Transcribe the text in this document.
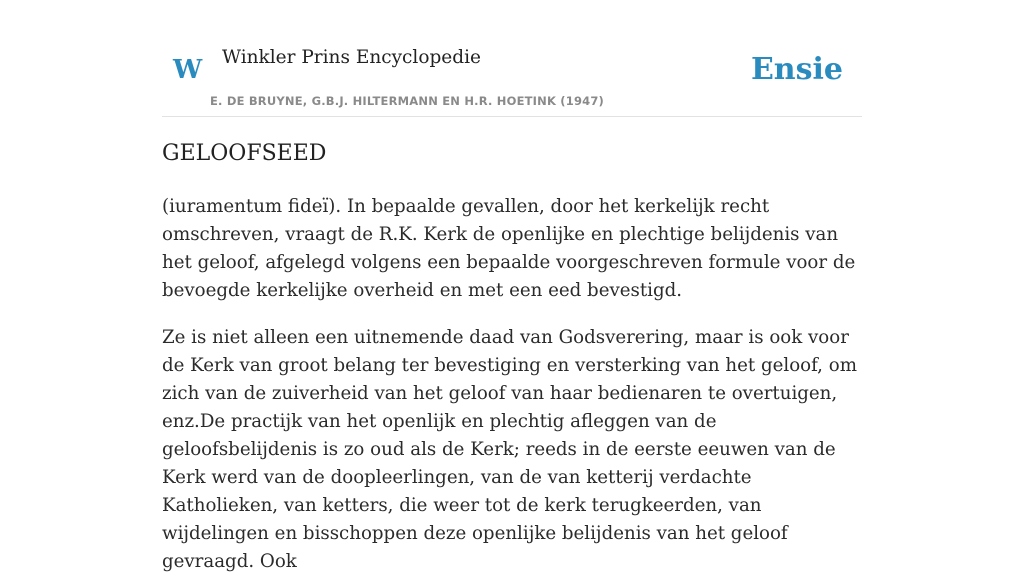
W Winkler Prins Encyclopedie
E. DE BRUYNE, G.B.J. HILTERMANN EN H.R. HOETINK (1947)
Ensie
GELOOFSEED

(iuramentum fideï). In bepaalde gevallen, door het kerkelijk recht omschreven, vraagt de R.K. Kerk de openlijke en plechtige belijdenis van het geloof, afgelegd volgens een bepaalde voorgeschreven formule voor de bevoegde kerkelijke overheid en met een eed bevestigd.

Ze is niet alleen een uitnemende daad van Godsverering, maar is ook voor de Kerk van groot belang ter bevestiging en versterking van het geloof, om zich van de zuiverheid van het geloof van haar bedienaren te overtuigen, enz.De practijk van het openlijk en plechtig afleggen van de geloofsbelijdenis is zo oud als de Kerk; reeds in de eerste eeuwen van de Kerk werd van de doopleerlingen, van de van ketterij verdachte Katholieken, van ketters, die weer tot de kerk terugkeerden, van wijdelingen en bisschoppen deze openlijke belijdenis van het geloof gevraagd. Ook
